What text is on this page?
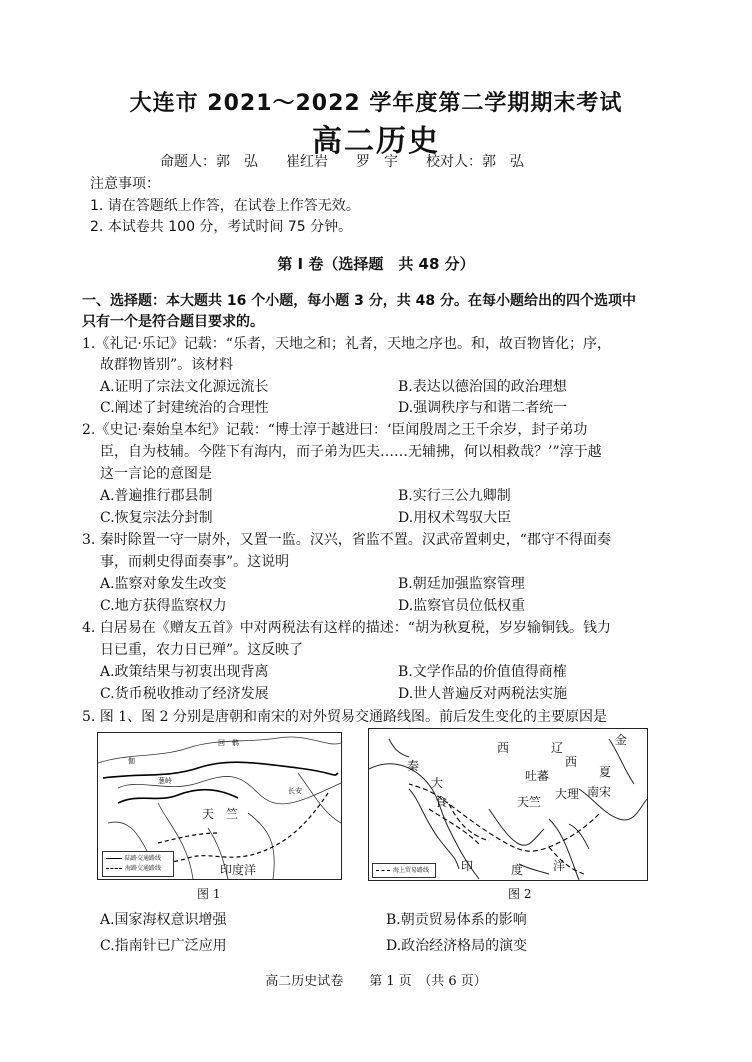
大连市 2021～2022 学年度第二学期期末考试
高二历史
命题人：郭　弘　　崔红岩　　罗　宇　　校对人：郭　弘
注意事项：
1. 请在答题纸上作答，在试卷上作答无效。
2. 本试卷共 100 分，考试时间 75 分钟。
第 I 卷（选择题　共 48 分）
一、选择题：本大题共 16 个小题，每小题 3 分，共 48 分。在每小题给出的四个选项中
只有一个是符合题目要求的。
1.《礼记·乐记》记载：“乐者，天地之和；礼者，天地之序也。和，故百物皆化；序，
故群物皆别”。该材料
A.证明了宗法文化源远流长	B.表达以德治国的政治理想
C.阐述了封建统治的合理性	D.强调秩序与和谐二者统一
2.《史记·秦始皇本纪》记载：“博士淳于越进曰：‘臣闻殷周之王千余岁，封子弟功
臣，自为枝辅。今陛下有海内，而子弟为匹夫……无辅拂，何以相救哉？’”淳于越
这一言论的意图是
A.普遍推行郡县制	B.实行三公九卿制
C.恢复宗法分封制	D.用权术驾驭大臣
3. 秦时除置一守一尉外，又置一监。汉兴，省监不置。汉武帝置刺史，“郡守不得面奏
事，而刺史得面奏事”。这说明
A.监察对象发生改变	B.朝廷加强监察管理
C.地方获得监察权力	D.监察官员位低权重
4. 白居易在《赠友五首》中对两税法有这样的描述：“胡为秋夏税，岁岁输铜钱。钱力
日已重，农力日已殚”。这反映了
A.政策结果与初衷出现背离	B.文学作品的价值值得商榷
C.货币税收推动了经济发展	D.世人普遍反对两税法实施
5. 图 1、图 2 分别是唐朝和南宋的对外贸易交通路线图。前后发生变化的主要原因是
回　鹘
伽
长安
葱岭
天　竺
印度洋
陆路交通路线
海路交通路线
图 1
西	辽
金
西
夏
秦
大
食
吐蕃
天竺
大理 南宋
印	度 洋
海上贸易路线
图 2
A.国家海权意识增强	B.朝贡贸易体系的影响
C.指南针已广泛应用	D.政治经济格局的演变
高二历史试卷　　第 1 页　（共 6 页）
